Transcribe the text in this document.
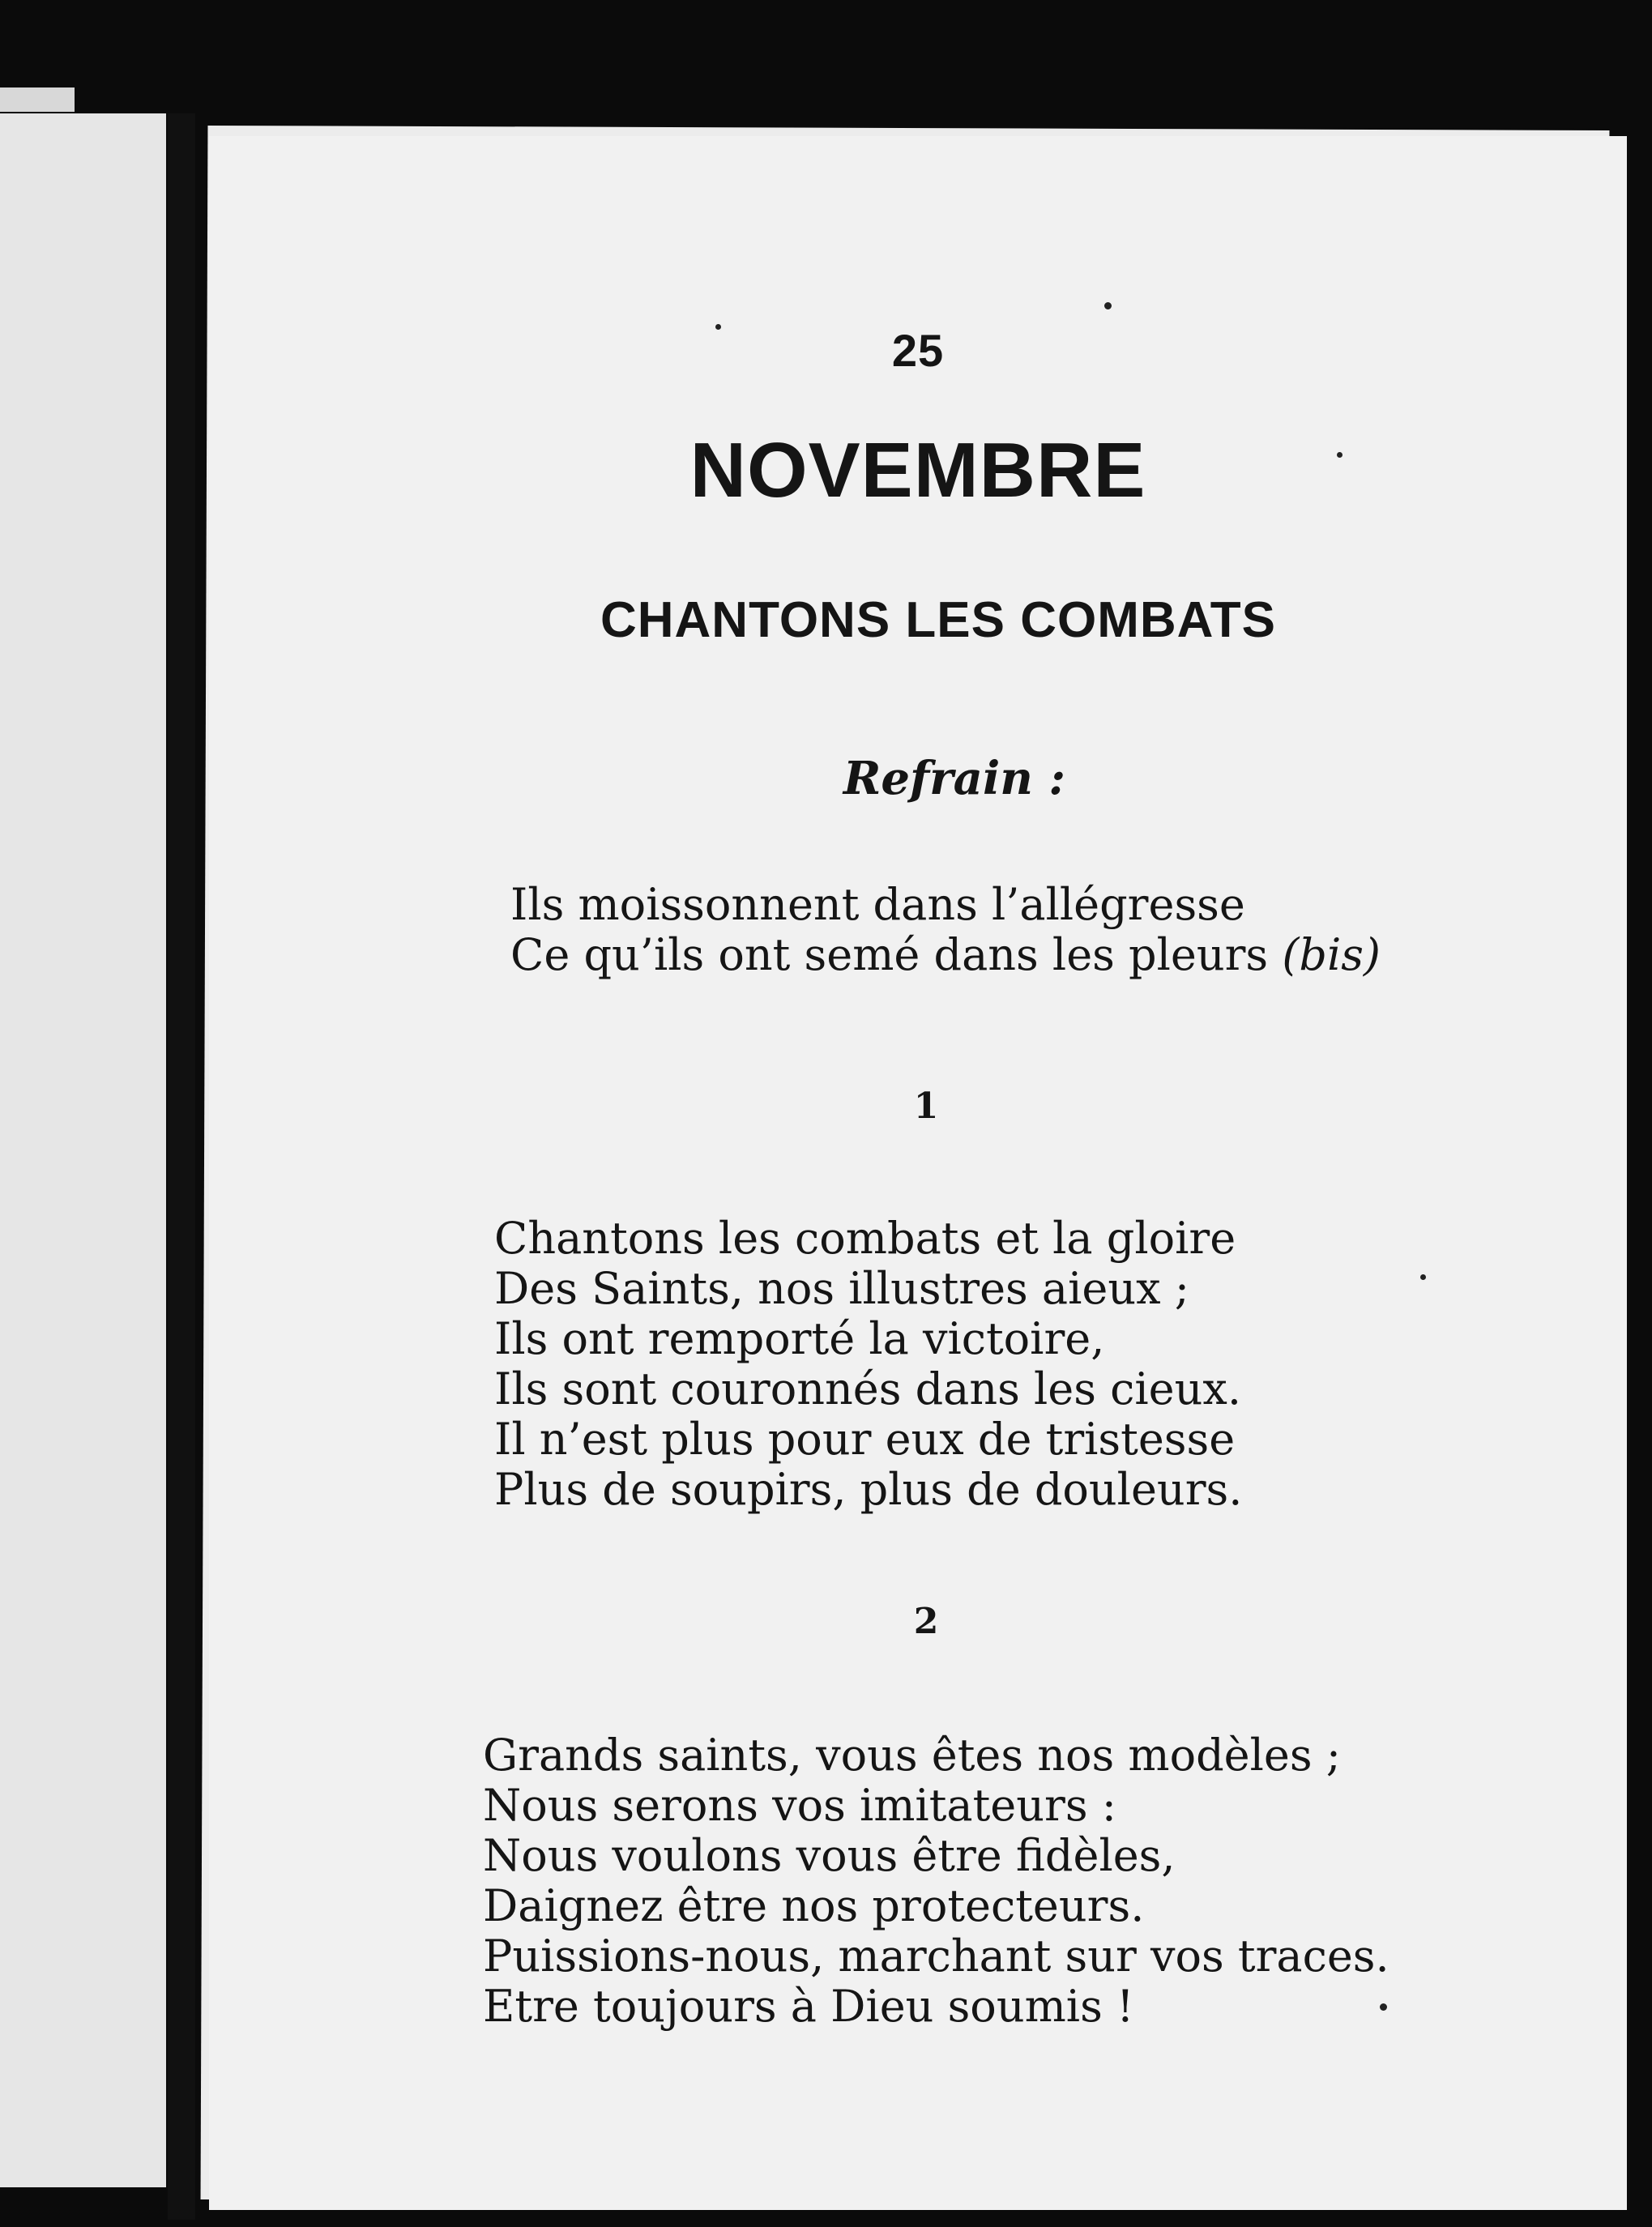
25
NOVEMBRE
CHANTONS LES COMBATS
Refrain :
Ils moissonnent dans l’allégresse
Ce qu’ils ont semé dans les pleurs (bis)
1
Chantons les combats et la gloire
Des Saints, nos illustres aieux ;
Ils ont remporté la victoire,
Ils sont couronnés dans les cieux.
Il n’est plus pour eux de tristesse
Plus de soupirs, plus de douleurs.
2
Grands saints, vous êtes nos modèles ;
Nous serons vos imitateurs :
Nous voulons vous être fidèles,
Daignez être nos protecteurs.
Puissions-nous, marchant sur vos traces.
Etre toujours à Dieu soumis !
